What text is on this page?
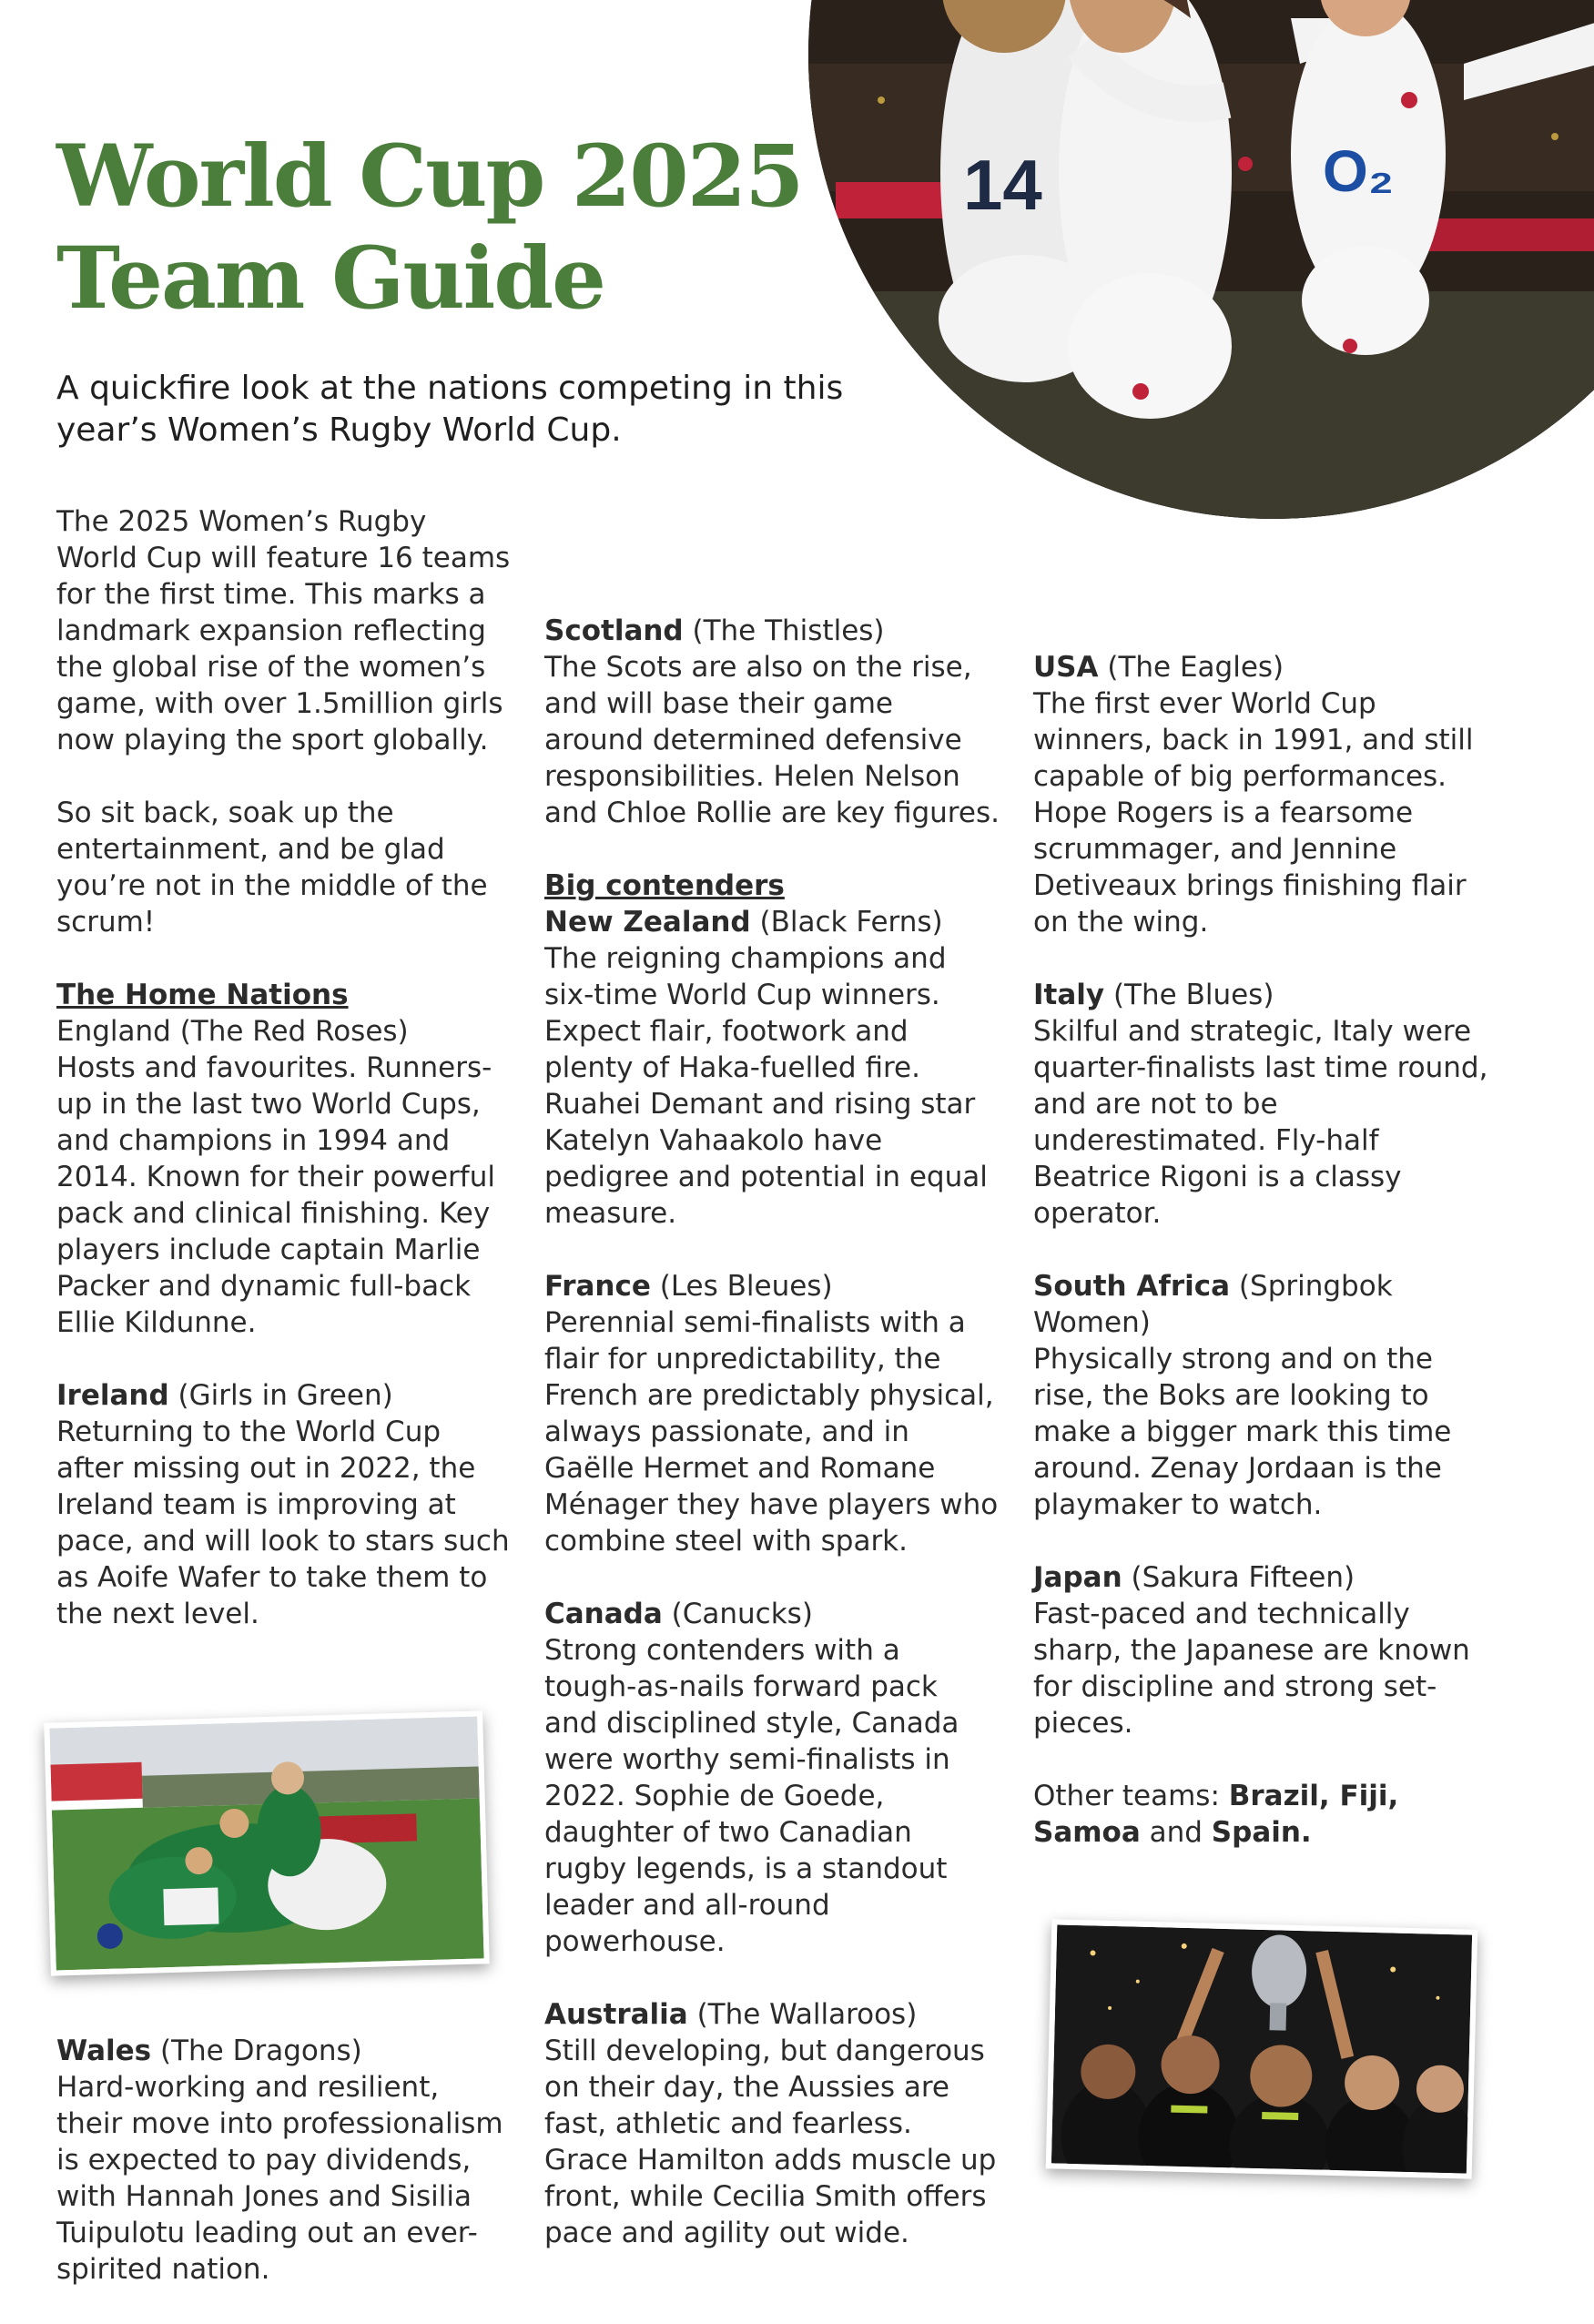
14	O₂
World Cup 2025
Team Guide

A quickfire look at the nations competing in this year’s Women’s Rugby World Cup.

The 2025 Women’s Rugby World Cup will feature 16 teams for the first time. This marks a landmark expansion reflecting the global rise of the women’s game, with over 1.5million girls now playing the sport globally.

So sit back, soak up the entertainment, and be glad you’re not in the middle of the scrum!

The Home Nations
England (The Red Roses)
Hosts and favourites. Runners-up in the last two World Cups, and champions in 1994 and 2014. Known for their powerful pack and clinical finishing. Key players include captain Marlie Packer and dynamic full-back Ellie Kildunne.

Ireland (Girls in Green)
Returning to the World Cup after missing out in 2022, the Ireland team is improving at pace, and will look to stars such as Aoife Wafer to take them to the next level.

Wales (The Dragons)
Hard-working and resilient, their move into professionalism is expected to pay dividends, with Hannah Jones and Sisilia Tuipulotu leading out an ever-spirited nation.

Scotland (The Thistles)
The Scots are also on the rise, and will base their game around determined defensive responsibilities. Helen Nelson and Chloe Rollie are key figures.

Big contenders
New Zealand (Black Ferns)
The reigning champions and six-time World Cup winners. Expect flair, footwork and plenty of Haka-fuelled fire. Ruahei Demant and rising star Katelyn Vahaakolo have pedigree and potential in equal measure.

France (Les Bleues)
Perennial semi-finalists with a flair for unpredictability, the French are predictably physical, always passionate, and in Gaëlle Hermet and Romane Ménager they have players who combine steel with spark.

Canada (Canucks)
Strong contenders with a tough-as-nails forward pack and disciplined style, Canada were worthy semi-finalists in 2022. Sophie de Goede, daughter of two Canadian rugby legends, is a standout leader and all-round powerhouse.

Australia (The Wallaroos)
Still developing, but dangerous on their day, the Aussies are fast, athletic and fearless. Grace Hamilton adds muscle up front, while Cecilia Smith offers pace and agility out wide.

USA (The Eagles)
The first ever World Cup winners, back in 1991, and still capable of big performances. Hope Rogers is a fearsome scrummager, and Jennine Detiveaux brings finishing flair on the wing.

Italy (The Blues)
Skilful and strategic, Italy were quarter-finalists last time round, and are not to be underestimated. Fly-half Beatrice Rigoni is a classy operator.

South Africa (Springbok Women)
Physically strong and on the rise, the Boks are looking to make a bigger mark this time around. Zenay Jordaan is the playmaker to watch.

Japan (Sakura Fifteen)
Fast-paced and technically sharp, the Japanese are known for discipline and strong set-pieces.

Other teams: Brazil, Fiji, Samoa and Spain.
